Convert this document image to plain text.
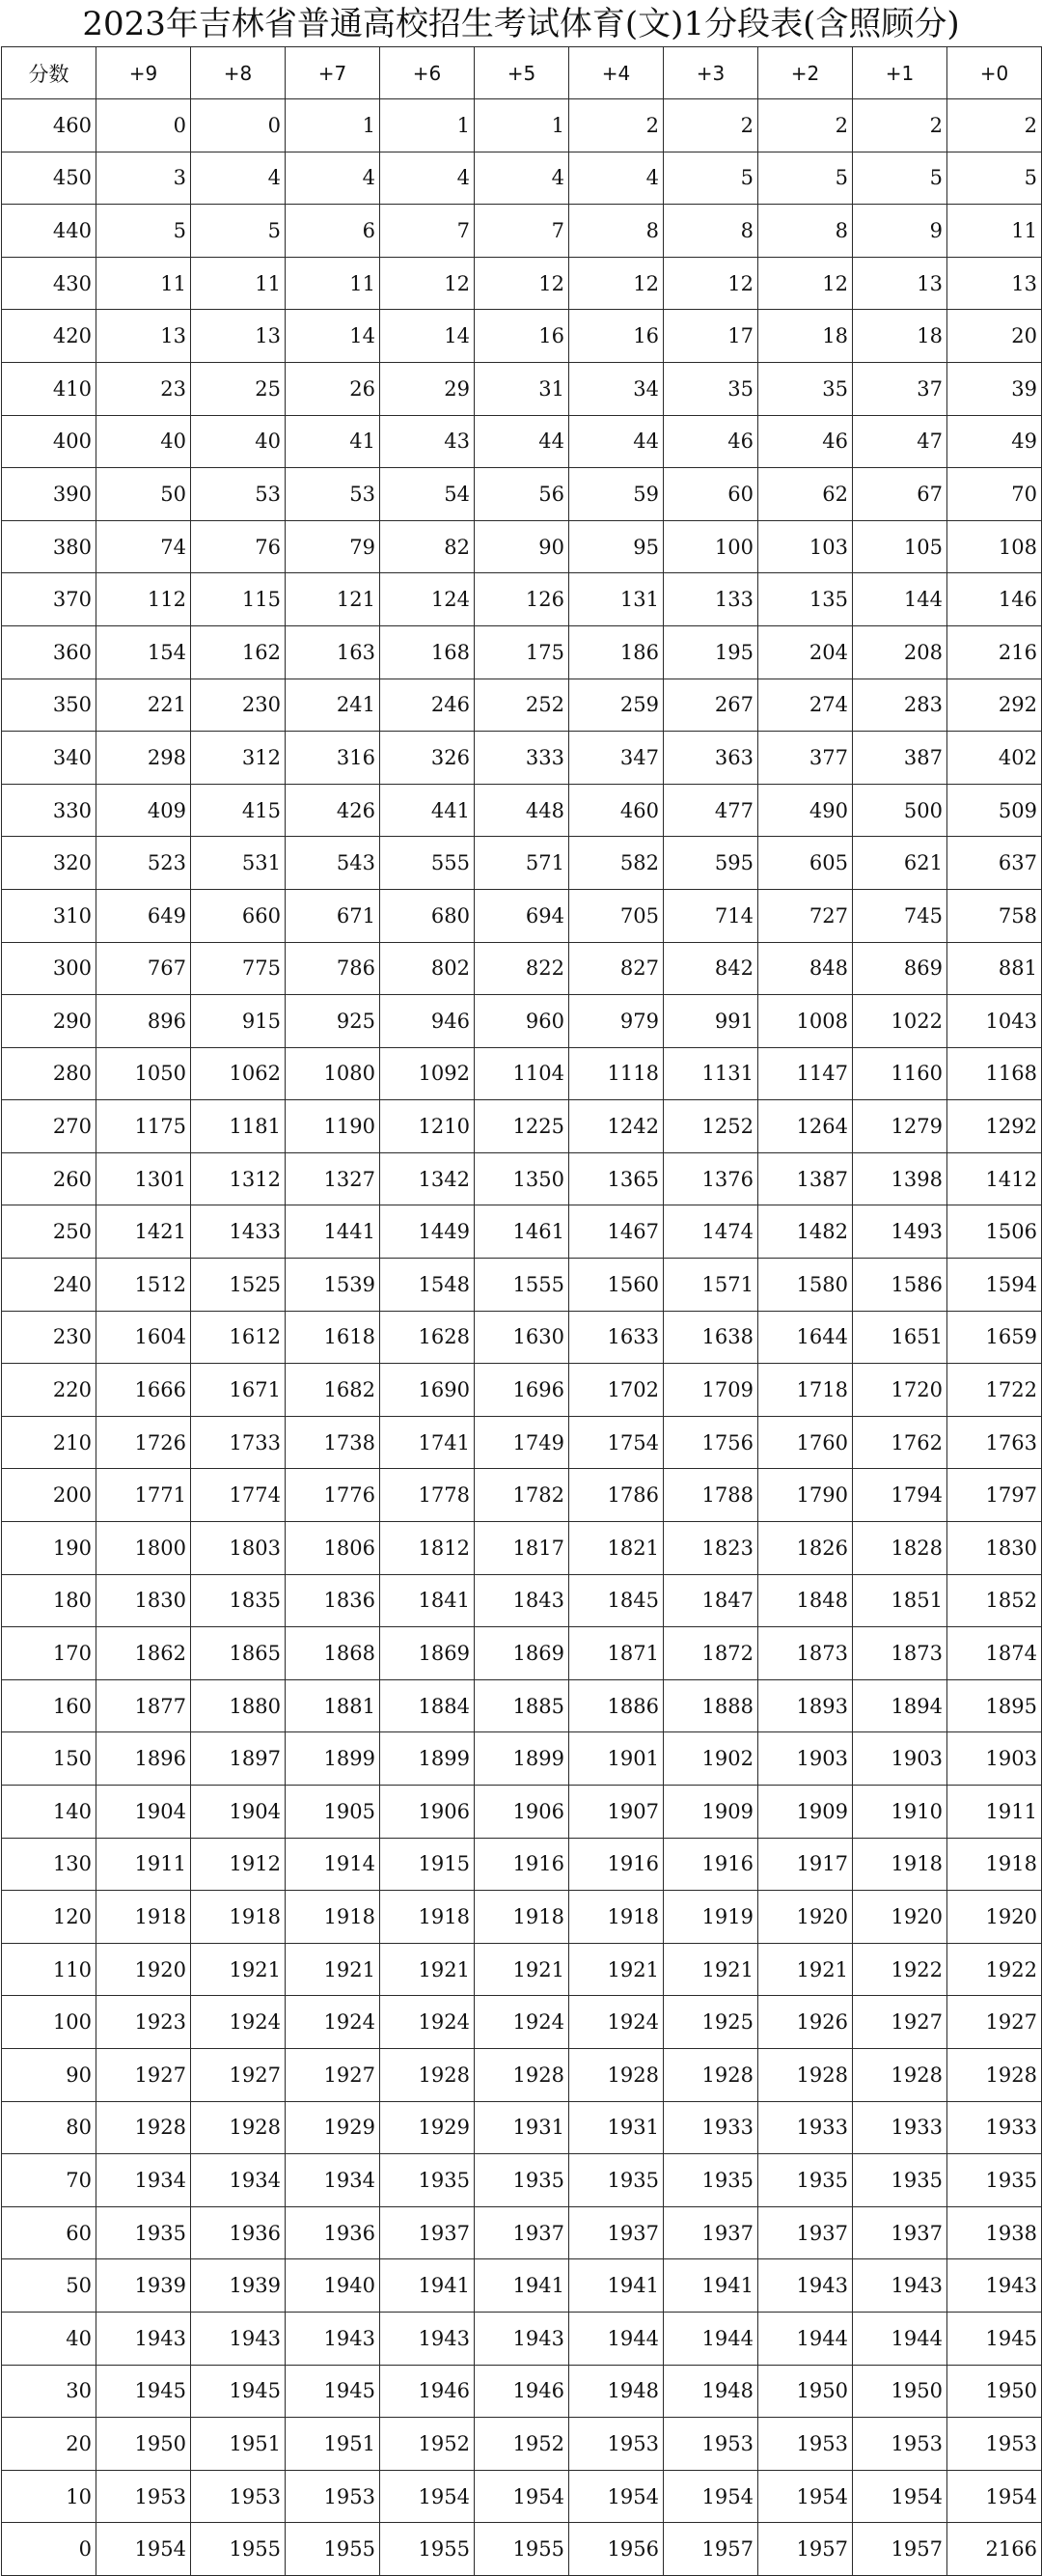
2023年吉林省普通高校招生考试体育(文)1分段表(含照顾分)
分数	+9	+8	+7	+6	+5	+4	+3	+2	+1	+0
460	0	0	1	1	1	2	2	2	2	2
450	3	4	4	4	4	4	5	5	5	5
440	5	5	6	7	7	8	8	8	9	11
430	11	11	11	12	12	12	12	12	13	13
420	13	13	14	14	16	16	17	18	18	20
410	23	25	26	29	31	34	35	35	37	39
400	40	40	41	43	44	44	46	46	47	49
390	50	53	53	54	56	59	60	62	67	70
380	74	76	79	82	90	95	100	103	105	108
370	112	115	121	124	126	131	133	135	144	146
360	154	162	163	168	175	186	195	204	208	216
350	221	230	241	246	252	259	267	274	283	292
340	298	312	316	326	333	347	363	377	387	402
330	409	415	426	441	448	460	477	490	500	509
320	523	531	543	555	571	582	595	605	621	637
310	649	660	671	680	694	705	714	727	745	758
300	767	775	786	802	822	827	842	848	869	881
290	896	915	925	946	960	979	991	1008	1022	1043
280	1050	1062	1080	1092	1104	1118	1131	1147	1160	1168
270	1175	1181	1190	1210	1225	1242	1252	1264	1279	1292
260	1301	1312	1327	1342	1350	1365	1376	1387	1398	1412
250	1421	1433	1441	1449	1461	1467	1474	1482	1493	1506
240	1512	1525	1539	1548	1555	1560	1571	1580	1586	1594
230	1604	1612	1618	1628	1630	1633	1638	1644	1651	1659
220	1666	1671	1682	1690	1696	1702	1709	1718	1720	1722
210	1726	1733	1738	1741	1749	1754	1756	1760	1762	1763
200	1771	1774	1776	1778	1782	1786	1788	1790	1794	1797
190	1800	1803	1806	1812	1817	1821	1823	1826	1828	1830
180	1830	1835	1836	1841	1843	1845	1847	1848	1851	1852
170	1862	1865	1868	1869	1869	1871	1872	1873	1873	1874
160	1877	1880	1881	1884	1885	1886	1888	1893	1894	1895
150	1896	1897	1899	1899	1899	1901	1902	1903	1903	1903
140	1904	1904	1905	1906	1906	1907	1909	1909	1910	1911
130	1911	1912	1914	1915	1916	1916	1916	1917	1918	1918
120	1918	1918	1918	1918	1918	1918	1919	1920	1920	1920
110	1920	1921	1921	1921	1921	1921	1921	1921	1922	1922
100	1923	1924	1924	1924	1924	1924	1925	1926	1927	1927
90	1927	1927	1927	1928	1928	1928	1928	1928	1928	1928
80	1928	1928	1929	1929	1931	1931	1933	1933	1933	1933
70	1934	1934	1934	1935	1935	1935	1935	1935	1935	1935
60	1935	1936	1936	1937	1937	1937	1937	1937	1937	1938
50	1939	1939	1940	1941	1941	1941	1941	1943	1943	1943
40	1943	1943	1943	1943	1943	1944	1944	1944	1944	1945
30	1945	1945	1945	1946	1946	1948	1948	1950	1950	1950
20	1950	1951	1951	1952	1952	1953	1953	1953	1953	1953
10	1953	1953	1953	1954	1954	1954	1954	1954	1954	1954
0	1954	1955	1955	1955	1955	1956	1957	1957	1957	2166
